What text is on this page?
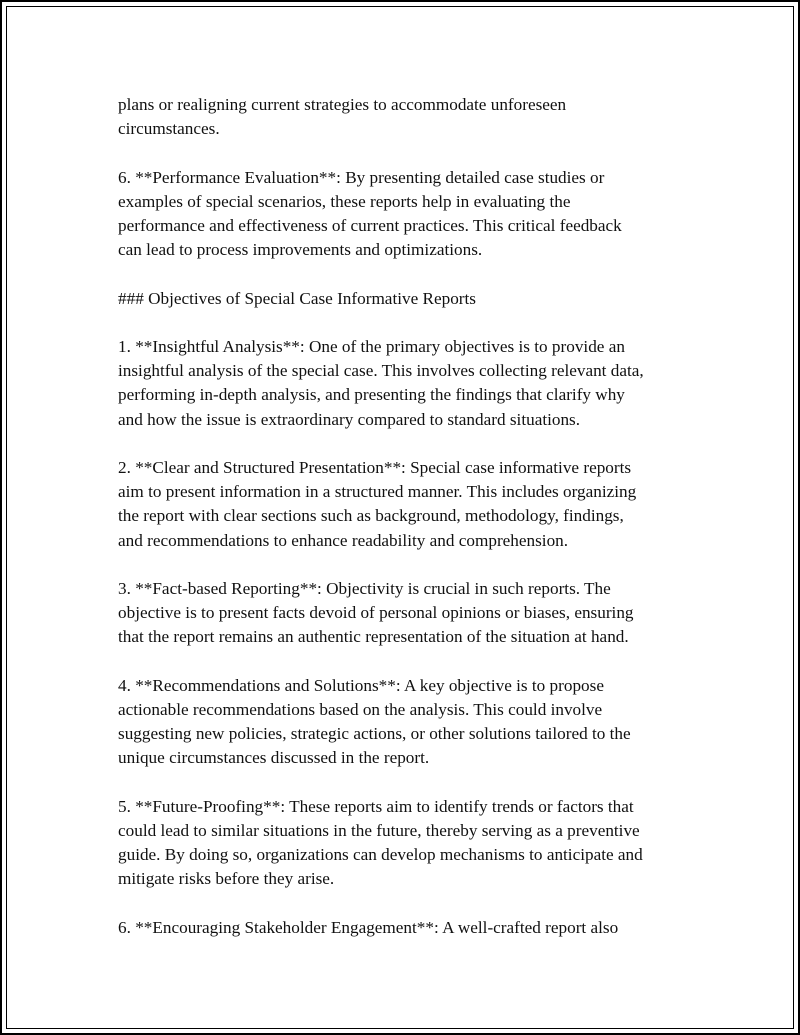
plans or realigning current strategies to accommodate unforeseen
circumstances.

6. **Performance Evaluation**: By presenting detailed case studies or
examples of special scenarios, these reports help in evaluating the
performance and effectiveness of current practices. This critical feedback
can lead to process improvements and optimizations.

### Objectives of Special Case Informative Reports

1. **Insightful Analysis**: One of the primary objectives is to provide an
insightful analysis of the special case. This involves collecting relevant data,
performing in-depth analysis, and presenting the findings that clarify why
and how the issue is extraordinary compared to standard situations.

2. **Clear and Structured Presentation**: Special case informative reports
aim to present information in a structured manner. This includes organizing
the report with clear sections such as background, methodology, findings,
and recommendations to enhance readability and comprehension.

3. **Fact-based Reporting**: Objectivity is crucial in such reports. The
objective is to present facts devoid of personal opinions or biases, ensuring
that the report remains an authentic representation of the situation at hand.

4. **Recommendations and Solutions**: A key objective is to propose
actionable recommendations based on the analysis. This could involve
suggesting new policies, strategic actions, or other solutions tailored to the
unique circumstances discussed in the report.

5. **Future-Proofing**: These reports aim to identify trends or factors that
could lead to similar situations in the future, thereby serving as a preventive
guide. By doing so, organizations can develop mechanisms to anticipate and
mitigate risks before they arise.

6. **Encouraging Stakeholder Engagement**: A well-crafted report also
